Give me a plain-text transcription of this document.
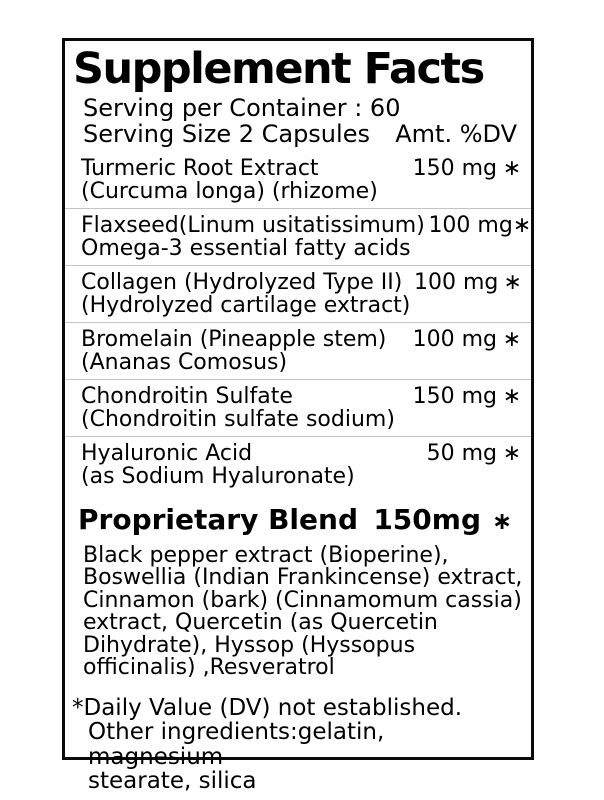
Supplement Facts
Serving per Container : 60
Serving Size 2 Capsules Amt. %DV
Turmeric Root Extract
(Curcuma longa) (rhizome)
150 mg ∗
Flaxseed(Linum usitatissimum)
Omega-3 essential fatty acids
100 mg ∗
Collagen (Hydrolyzed Type II)
(Hydrolyzed cartilage extract)
100 mg ∗
Bromelain (Pineapple stem)
(Ananas Comosus)
100 mg ∗
Chondroitin Sulfate
(Chondroitin sulfate sodium)
150 mg ∗
Hyaluronic Acid
(as Sodium Hyaluronate)
50 mg ∗
Proprietary Blend 150mg ∗
Black pepper extract (Bioperine), Boswellia (Indian Frankincense) extract, Cinnamon (bark) (Cinnamomum cassia) extract, Quercetin (as Quercetin Dihydrate), Hyssop (Hyssopus officinalis) ,Resveratrol
*Daily Value (DV) not established.
Other ingredients:gelatin, magnesium
stearate, silica
